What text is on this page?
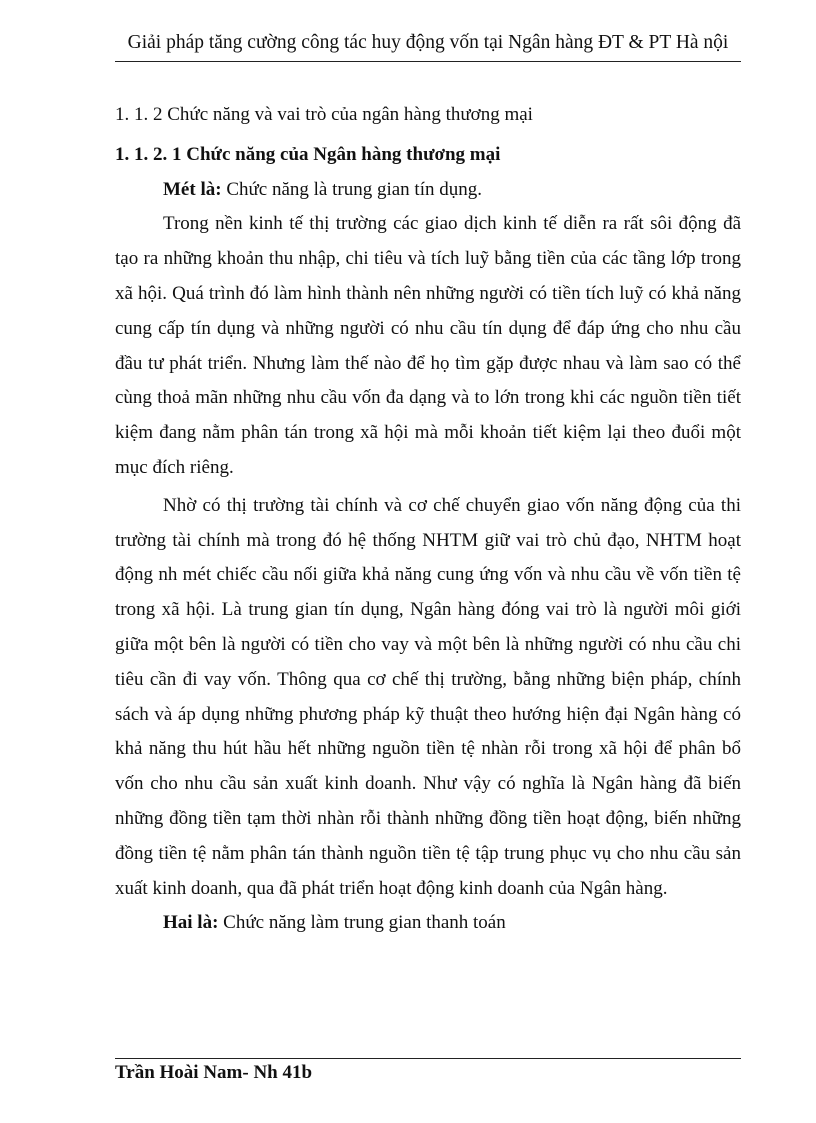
Giải pháp tăng cường công tác huy động vốn tại Ngân hàng ĐT & PT Hà nội

1. 1. 2 Chức năng và vai trò của ngân hàng thương mại

1. 1. 2. 1 Chức năng của Ngân hàng thương mại

Mét là: Chức năng là trung gian tín dụng.

Trong nền kinh tế thị trường các giao dịch kinh tế diễn ra rất sôi động đã tạo ra những khoản thu nhập, chi tiêu và tích luỹ bằng tiền của các tầng lớp trong xã hội. Quá trình đó làm hình thành nên những người có tiền tích luỹ có khả năng cung cấp tín dụng và những người có nhu cầu tín dụng để đáp ứng cho nhu cầu đầu tư phát triển. Nhưng làm thế nào để họ tìm gặp được nhau và làm sao có thể cùng thoả mãn những nhu cầu vốn đa dạng và to lớn trong khi các nguồn tiền tiết kiệm đang nằm phân tán trong xã hội mà mỗi khoản tiết kiệm lại theo đuổi một mục đích riêng.

Nhờ có thị trường tài chính và cơ chế chuyển giao vốn năng động của thi trường tài chính mà trong đó hệ thống NHTM giữ vai trò chủ đạo, NHTM hoạt động nh mét chiếc cầu nối giữa khả năng cung ứng vốn và nhu cầu về vốn tiền tệ trong xã hội. Là trung gian tín dụng, Ngân hàng đóng vai trò là người môi giới giữa một bên là người có tiền cho vay và một bên là những người có nhu cầu chi tiêu cần đi vay vốn. Thông qua cơ chế thị trường, bằng những biện pháp, chính sách và áp dụng những phương pháp kỹ thuật theo hướng hiện đại Ngân hàng có khả năng thu hút hầu hết những nguồn tiền tệ nhàn rỗi trong xã hội để phân bổ vốn cho nhu cầu sản xuất kinh doanh. Như vậy có nghĩa là Ngân hàng đã biến những đồng tiền tạm thời nhàn rỗi thành những đồng tiền hoạt động, biến những đồng tiền tệ nằm phân tán thành nguồn tiền tệ tập trung phục vụ cho nhu cầu sản xuất kinh doanh, qua đã phát triển hoạt động kinh doanh của Ngân hàng.

Hai là: Chức năng làm trung gian thanh toán

Trần Hoài Nam- Nh 41b
